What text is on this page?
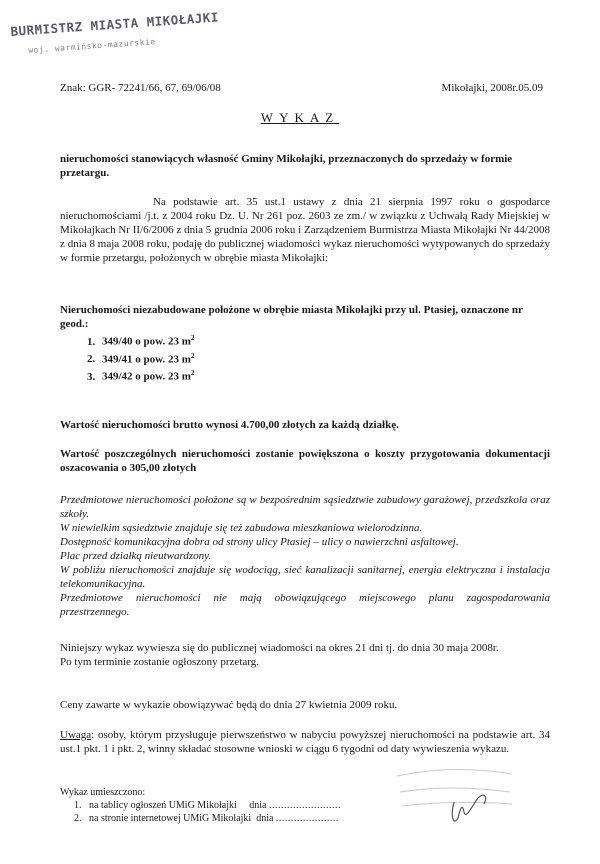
BURMISTRZ MIASTA MIKOŁAJKI
woj. warmińsko-mazurskie
Znak: GGR- 72241/66, 67, 69/06/08	Mikołajki, 2008r.05.09
WYKAZ

nieruchomości stanowiących własność Gminy Mikołajki, przeznaczonych do sprzedaży w formie przetargu.

Na podstawie art. 35 ust.1 ustawy z dnia 21 sierpnia 1997 roku o gospodarce nieruchomościami /j.t. z 2004 roku Dz. U. Nr 261 poz. 2603 ze zm./ w związku z Uchwałą Rady Miejskiej w Mikołajkach Nr II/6/2006 z dnia 5 grudnia 2006 roku i Zarządzeniem Burmistrza Miasta Mikołajki Nr 44/2008 z dnia 8 maja 2008 roku, podaję do publicznej wiadomości wykaz nieruchomości wytypowanych do sprzedaży w formie przetargu, położonych w obrębie miasta Mikołajki:

Nieruchomości niezabudowane położone w obrębie miasta Mikołajki przy ul. Ptasiej, oznaczone nr geod.:

1. 349/40 o pow. 23 $m^2$
2. 349/41 o pow. 23 $m^2$
3. 349/42 o pow. 23 $m^2$

Wartość nieruchomości brutto wynosi 4.700,00 złotych za każdą działkę.

Wartość poszczególnych nieruchomości zostanie powiększona o koszty przygotowania dokumentacji oszacowania o 305,00 złotych

Przedmiotowe nieruchomości położone są w bezpośrednim sąsiedztwie zabudowy garażowej, przedszkola oraz szkoły.

W niewielkim sąsiedztwie znajduje się też zabudowa mieszkaniowa wielorodzinna.

Dostępność komunikacyjna dobra od strony ulicy Ptasiej – ulicy o nawierzchni asfaltowej.

Plac przed działką nieutwardzony.

W pobliżu nieruchomości znajduje się wodociąg, sieć kanalizacji sanitarnej, energia elektryczna i instalacja telekomunikacyjna.

Przedmiotowe nieruchomości nie mają obowiązującego miejscowego planu zagospodarowania przestrzennego.

Niniejszy wykaz wywiesza się do publicznej wiadomości na okres 21 dni tj. do dnia 30 maja 2008r.

Po tym terminie zostanie ogłoszony przetarg.

Ceny zawarte w wykazie obowiązywać będą do dnia 27 kwietnia 2009 roku.

Uwaga: osoby, którym przysługuje pierwszeństwo w nabyciu powyższej nieruchomości na podstawie art. 34 ust.1 pkt. 1 i pkt. 2, winny składać stosowne wnioski w ciągu 6 tygodni od daty wywieszenia wykazu.

Wykaz umieszczono:
1. na tablicy ogłoszeń UMiG Mikołajki dnia ........................
2. na stronie internetowej UMiG Mikołajki dnia .....................
